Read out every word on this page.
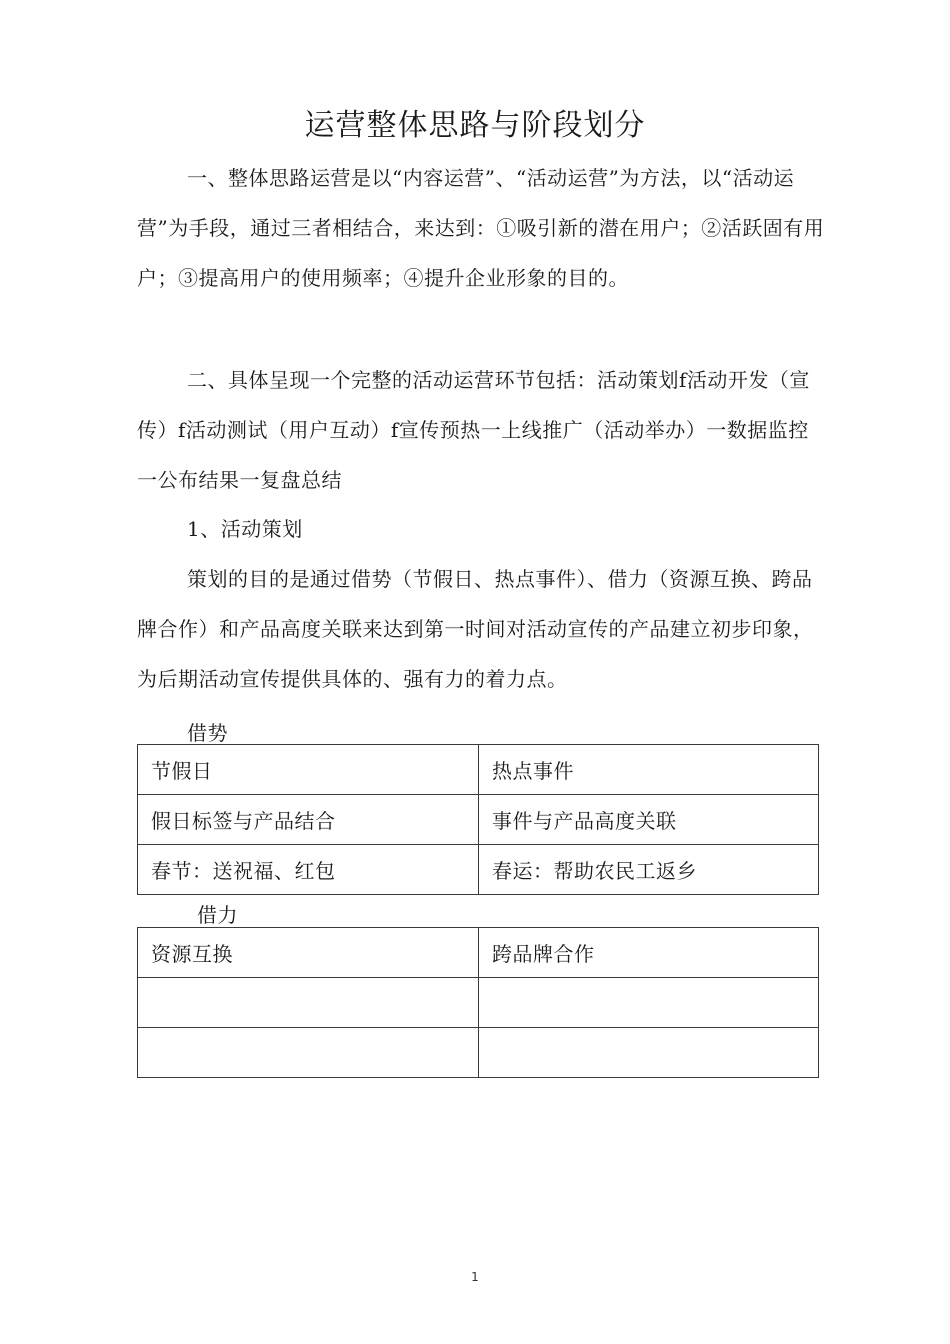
运营整体思路与阶段划分

一、整体思路运营是以“内容运营”、“活动运营”为方法，以“活动运营”为手段，通过三者相结合，来达到：①吸引新的潜在用户；②活跃固有用户；③提高用户的使用频率；④提升企业形象的目的。

二、具体呈现一个完整的活动运营环节包括：活动策划f活动开发（宣传）f活动测试（用户互动）f宣传预热一上线推广（活动举办）一数据监控一公布结果一复盘总结

1、活动策划

策划的目的是通过借势（节假日、热点事件）、借力（资源互换、跨品牌合作）和产品高度关联来达到第一时间对活动宣传的产品建立初步印象，为后期活动宣传提供具体的、强有力的着力点。

借势
节假日	热点事件
假日标签与产品结合	事件与产品高度关联
春节：送祝福、红包	春运：帮助农民工返乡
借力
资源互换	跨品牌合作

1
